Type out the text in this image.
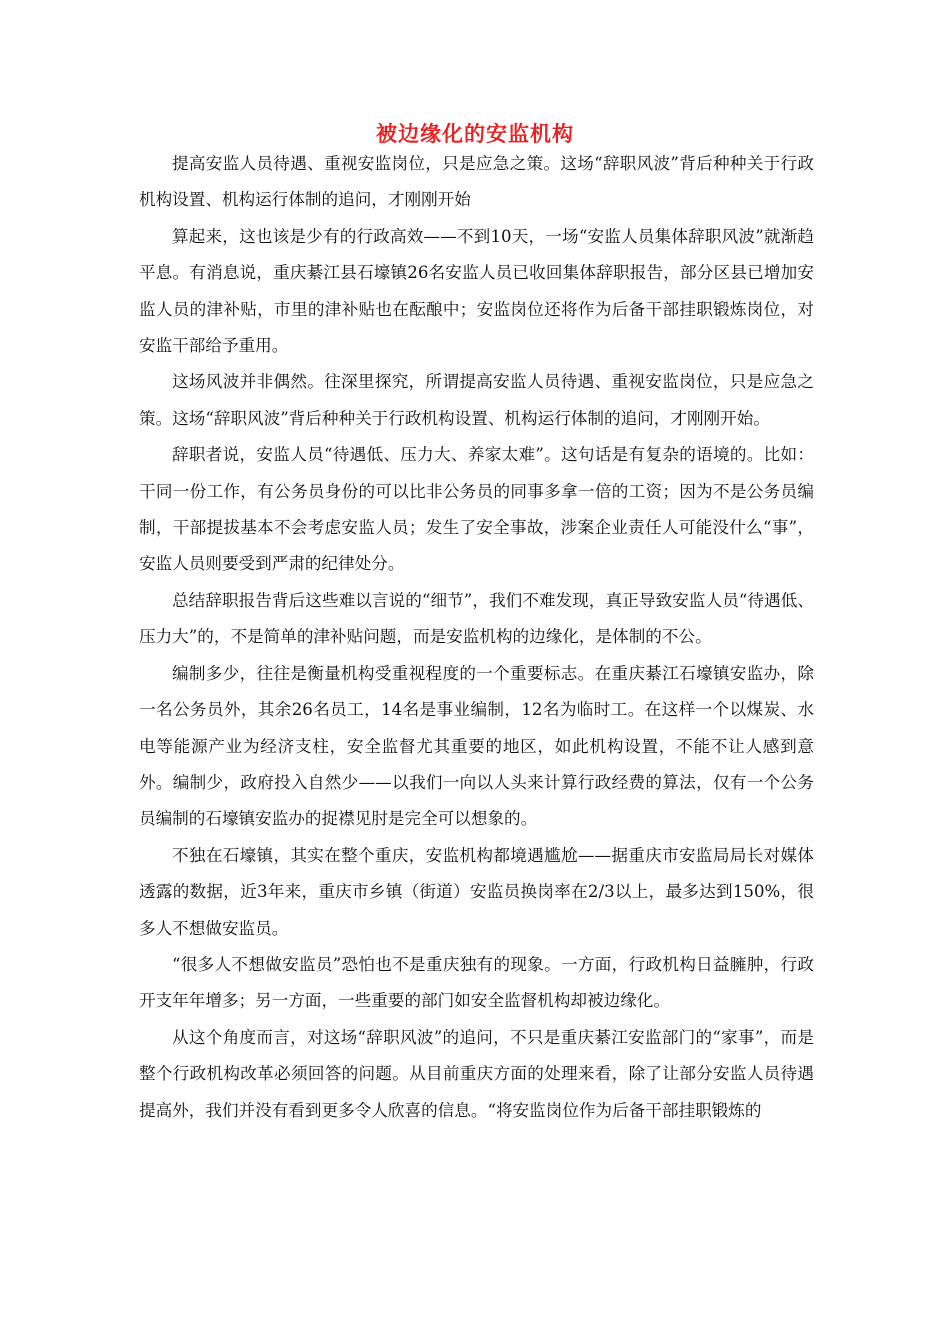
被边缘化的安监机构

提高安监人员待遇、重视安监岗位，只是应急之策。这场“辞职风波”背后种种关于行政机构设置、机构运行体制的追问，才刚刚开始

算起来，这也该是少有的行政高效——不到10天，一场“安监人员集体辞职风波”就渐趋平息。有消息说，重庆綦江县石壕镇26名安监人员已收回集体辞职报告，部分区县已增加安监人员的津补贴，市里的津补贴也在酝酿中；安监岗位还将作为后备干部挂职锻炼岗位，对安监干部给予重用。

这场风波并非偶然。往深里探究，所谓提高安监人员待遇、重视安监岗位，只是应急之策。这场“辞职风波”背后种种关于行政机构设置、机构运行体制的追问，才刚刚开始。

辞职者说，安监人员“待遇低、压力大、养家太难”。这句话是有复杂的语境的。比如：干同一份工作，有公务员身份的可以比非公务员的同事多拿一倍的工资；因为不是公务员编制，干部提拔基本不会考虑安监人员；发生了安全事故，涉案企业责任人可能没什么“事”，安监人员则要受到严肃的纪律处分。

总结辞职报告背后这些难以言说的“细节”，我们不难发现，真正导致安监人员“待遇低、压力大”的，不是简单的津补贴问题，而是安监机构的边缘化，是体制的不公。

编制多少，往往是衡量机构受重视程度的一个重要标志。在重庆綦江石壕镇安监办，除一名公务员外，其余26名员工，14名是事业编制，12名为临时工。在这样一个以煤炭、水电等能源产业为经济支柱，安全监督尤其重要的地区，如此机构设置，不能不让人感到意外。编制少，政府投入自然少——以我们一向以人头来计算行政经费的算法，仅有一个公务员编制的石壕镇安监办的捉襟见肘是完全可以想象的。

不独在石壕镇，其实在整个重庆，安监机构都境遇尴尬——据重庆市安监局局长对媒体透露的数据，近3年来，重庆市乡镇（街道）安监员换岗率在2/3以上，最多达到150%，很多人不想做安监员。

“很多人不想做安监员”恐怕也不是重庆独有的现象。一方面，行政机构日益臃肿，行政开支年年增多；另一方面，一些重要的部门如安全监督机构却被边缘化。

从这个角度而言，对这场“辞职风波”的追问，不只是重庆綦江安监部门的“家事”，而是整个行政机构改革必须回答的问题。从目前重庆方面的处理来看，除了让部分安监人员待遇提高外，我们并没有看到更多令人欣喜的信息。“将安监岗位作为后备干部挂职锻炼的
